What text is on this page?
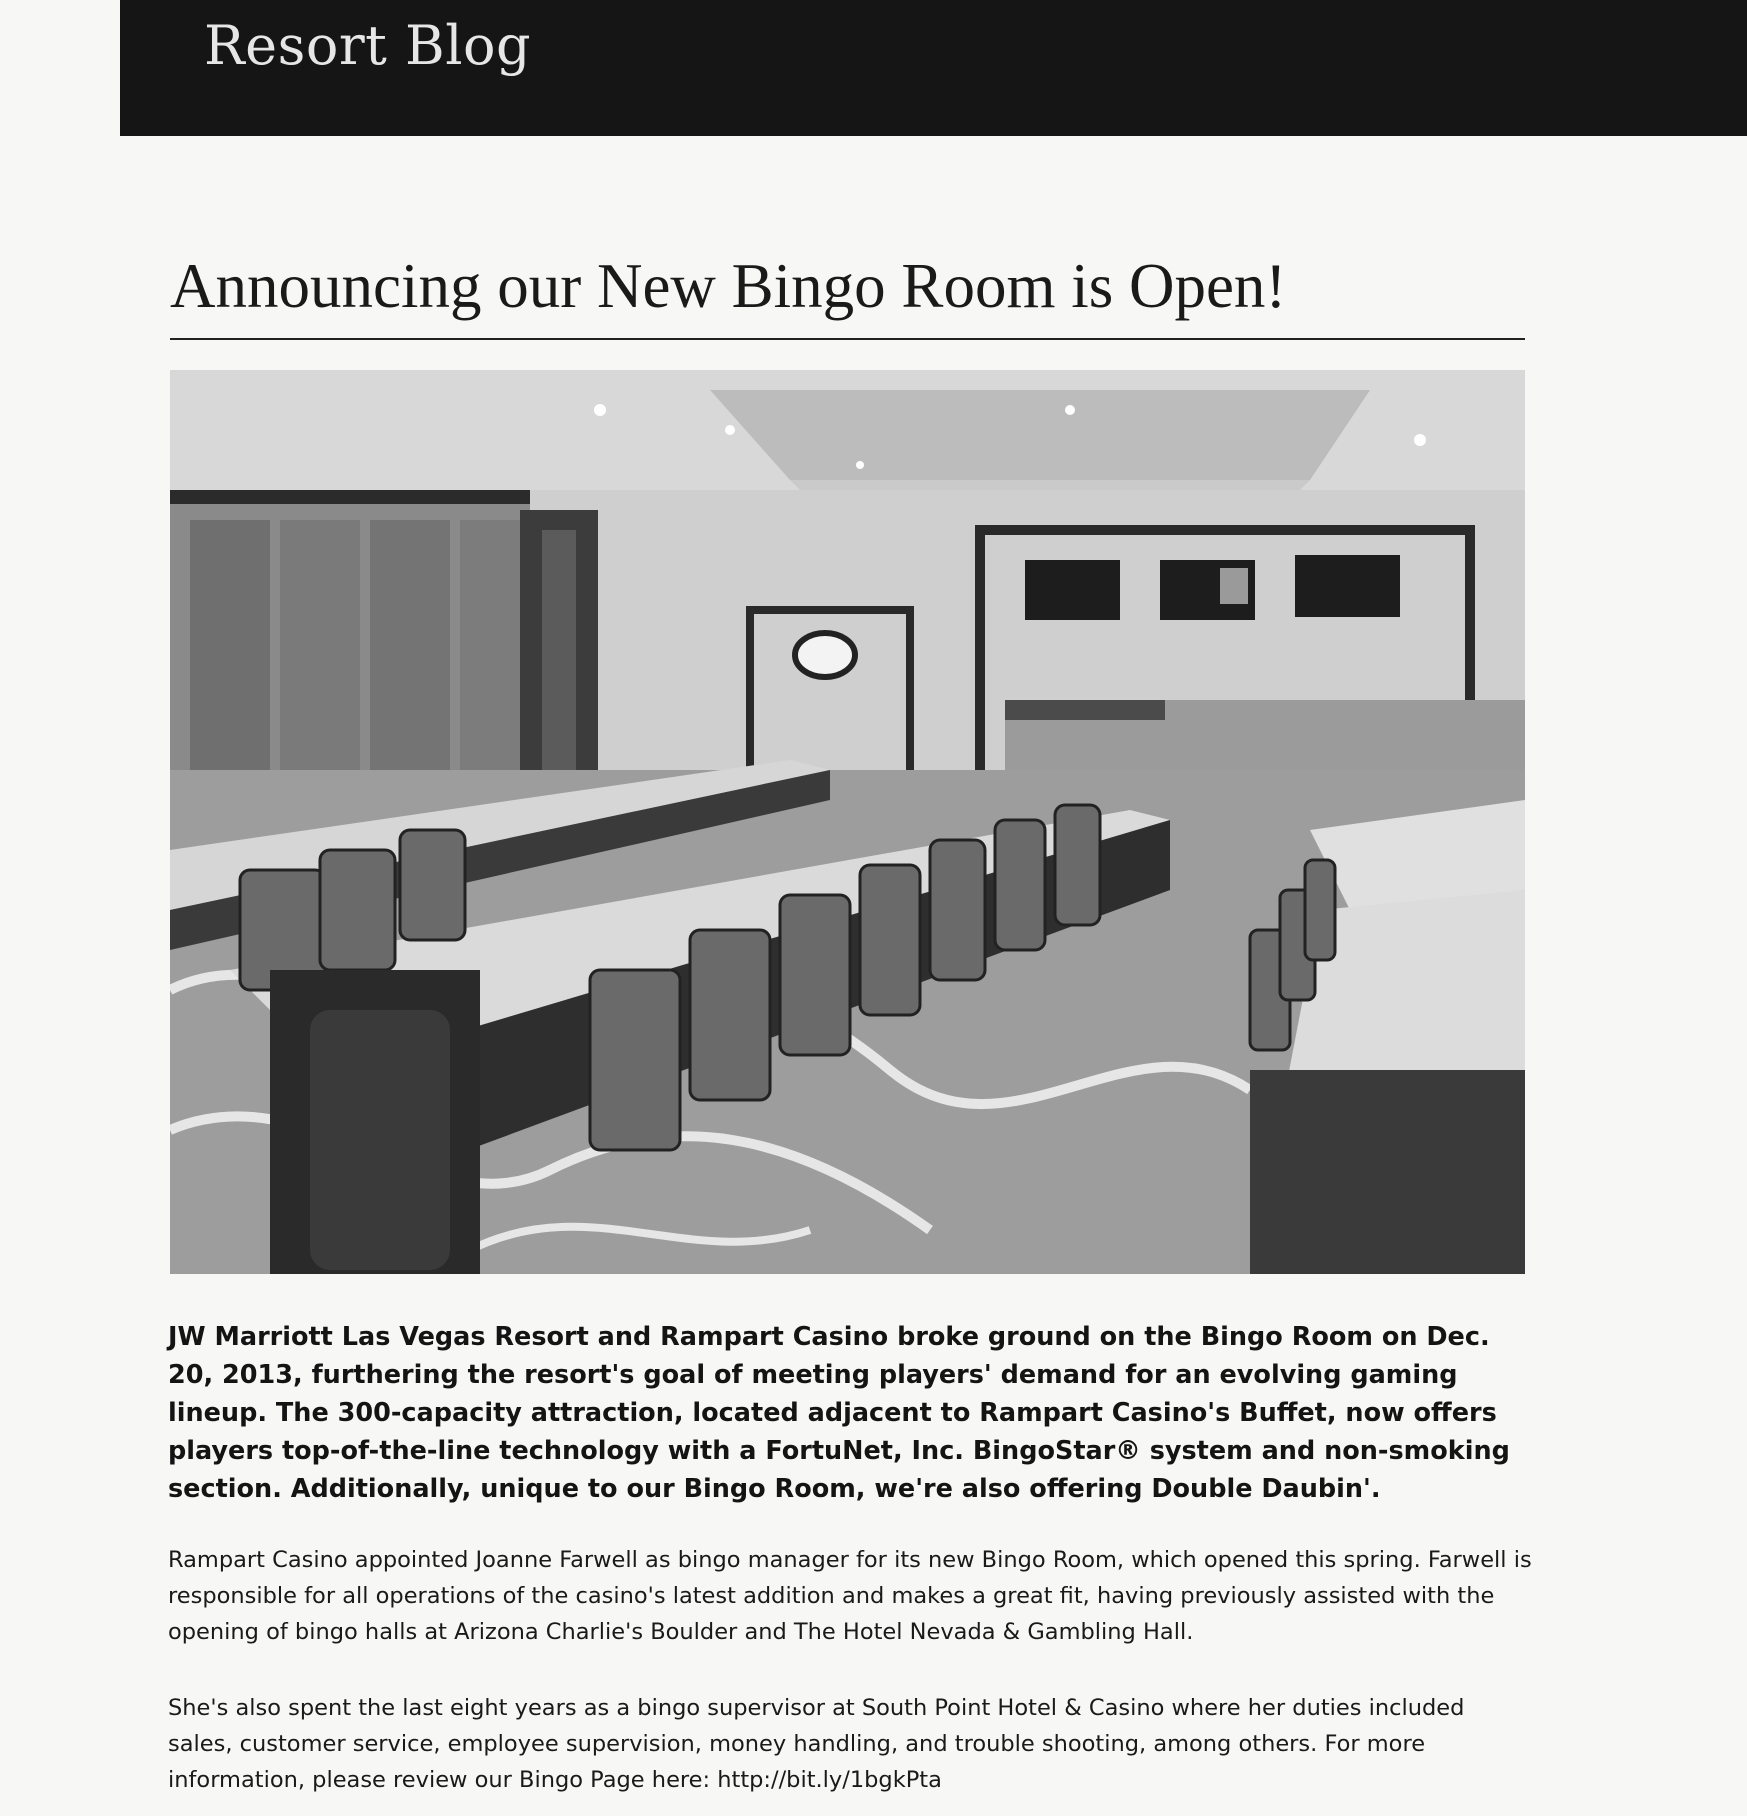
Resort Blog
Announcing our New Bingo Room is Open!

JW Marriott Las Vegas Resort and Rampart Casino broke ground on the Bingo Room on Dec. 20, 2013, furthering the resort's goal of meeting players' demand for an evolving gaming lineup. The 300-capacity attraction, located adjacent to Rampart Casino's Buffet, now offers players top-of-the-line technology with a FortuNet, Inc. BingoStar® system and non-smoking section. Additionally, unique to our Bingo Room, we're also offering Double Daubin'.

Rampart Casino appointed Joanne Farwell as bingo manager for its new Bingo Room, which opened this spring. Farwell is responsible for all operations of the casino's latest addition and makes a great fit, having previously assisted with the opening of bingo halls at Arizona Charlie's Boulder and The Hotel Nevada & Gambling Hall.

She's also spent the last eight years as a bingo supervisor at South Point Hotel & Casino where her duties included sales, customer service, employee supervision, money handling, and trouble shooting, among others. For more information, please review our Bingo Page here: http://bit.ly/1bgkPta
